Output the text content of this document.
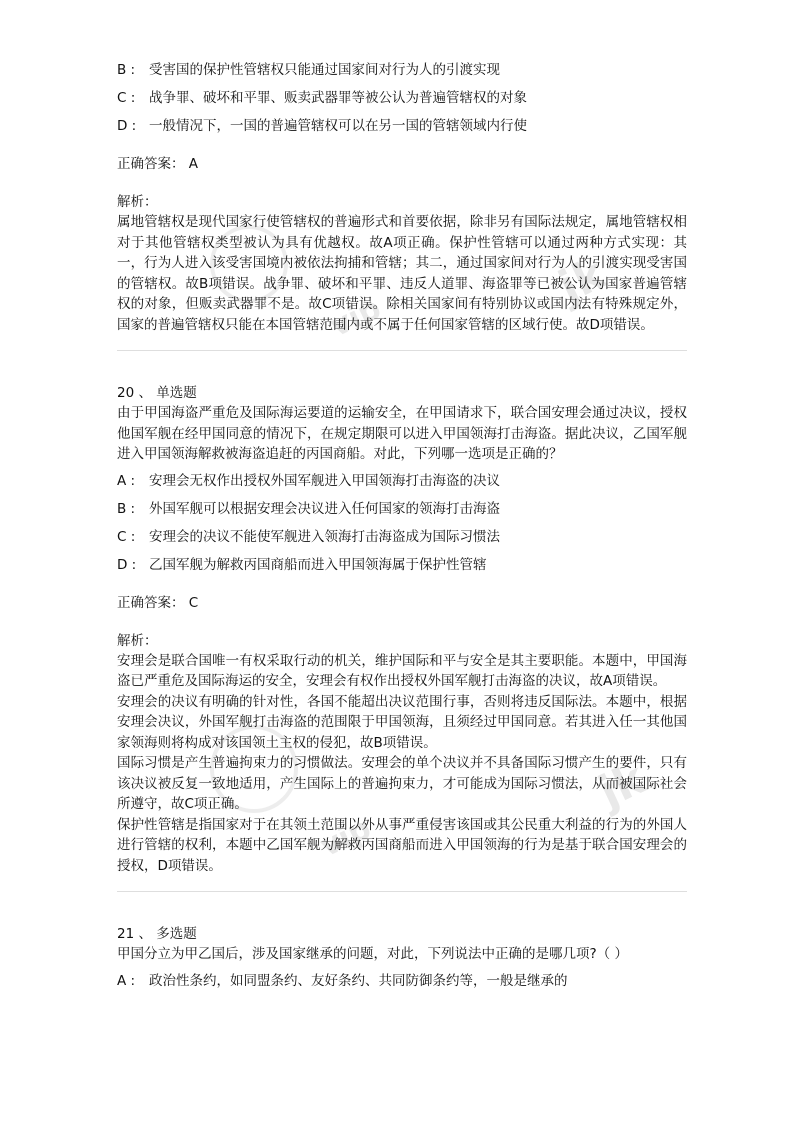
jk
vip
jk
vip
B : 受害国的保护性管辖权只能通过国家间对行为人的引渡实现
C : 战争罪、破坏和平罪、贩卖武器罪等被公认为普遍管辖权的对象
D : 一般情况下，一国的普遍管辖权可以在另一国的管辖领域内行使
正确答案： A
解析：

属地管辖权是现代国家行使管辖权的普遍形式和首要依据，除非另有国际法规定，属地管辖权相对于其他管辖权类型被认为具有优越权。故A项正确。保护性管辖可以通过两种方式实现：其一，行为人进入该受害国境内被依法拘捕和管辖；其二，通过国家间对行为人的引渡实现受害国的管辖权。故B项错误。战争罪、破坏和平罪、违反人道罪、海盗罪等已被公认为国家普遍管辖权的对象，但贩卖武器罪不是。故C项错误。除相关国家间有特别协议或国内法有特殊规定外，国家的普遍管辖权只能在本国管辖范围内或不属于任何国家管辖的区域行使。故D项错误。

20 、 单选题

由于甲国海盗严重危及国际海运要道的运输安全，在甲国请求下，联合国安理会通过决议，授权他国军舰在经甲国同意的情况下，在规定期限可以进入甲国领海打击海盗。据此决议，乙国军舰进入甲国领海解救被海盗追赶的丙国商船。对此，下列哪一选项是正确的？

A : 安理会无权作出授权外国军舰进入甲国领海打击海盗的决议
B : 外国军舰可以根据安理会决议进入任何国家的领海打击海盗
C : 安理会的决议不能使军舰进入领海打击海盗成为国际习惯法
D : 乙国军舰为解救丙国商船而进入甲国领海属于保护性管辖
正确答案： C
解析：

安理会是联合国唯一有权采取行动的机关，维护国际和平与安全是其主要职能。本题中，甲国海盗已严重危及国际海运的安全，安理会有权作出授权外国军舰打击海盗的决议，故A项错误。

安理会的决议有明确的针对性，各国不能超出决议范围行事，否则将违反国际法。本题中，根据安理会决议，外国军舰打击海盗的范围限于甲国领海，且须经过甲国同意。若其进入任一其他国家领海则将构成对该国领土主权的侵犯，故B项错误。

国际习惯是产生普遍拘束力的习惯做法。安理会的单个决议并不具备国际习惯产生的要件，只有该决议被反复一致地适用，产生国际上的普遍拘束力，才可能成为国际习惯法，从而被国际社会所遵守，故C项正确。

保护性管辖是指国家对于在其领土范围以外从事严重侵害该国或其公民重大利益的行为的外国人进行管辖的权利，本题中乙国军舰为解救丙国商船而进入甲国领海的行为是基于联合国安理会的授权，D项错误。

21 、 多选题

甲国分立为甲乙国后，涉及国家继承的问题，对此，下列说法中正确的是哪几项?（ ）

A : 政治性条约，如同盟条约、友好条约、共同防御条约等，一般是继承的
